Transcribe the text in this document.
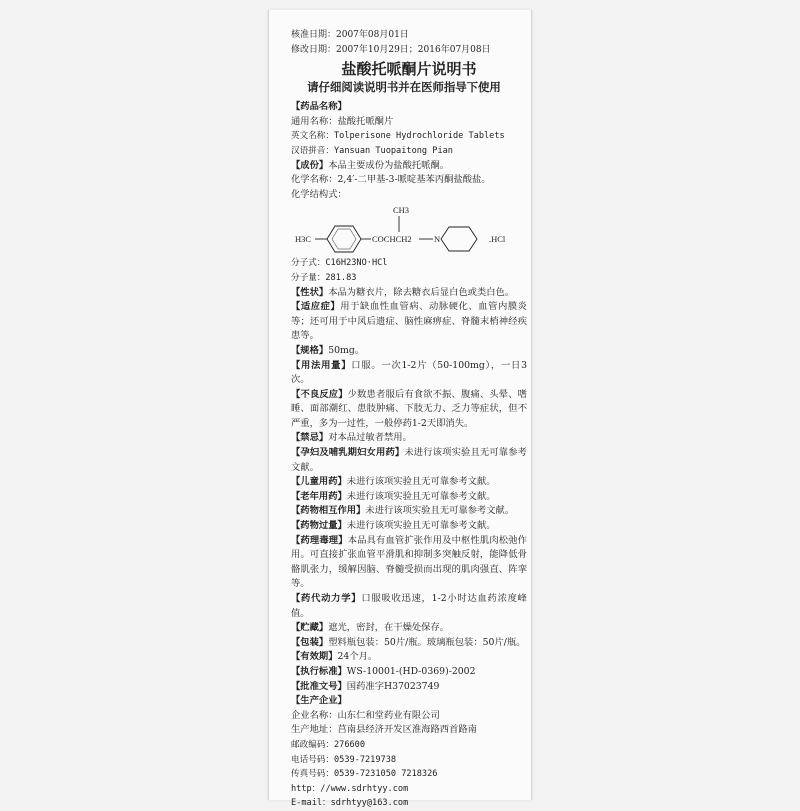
核准日期：2007年08月01日
修改日期：2007年10月29日；2016年07月08日
盐酸托哌酮片说明书
请仔细阅读说明书并在医师指导下使用
【药品名称】
通用名称：盐酸托哌酮片
英文名称：Tolperisone Hydrochloride Tablets
汉语拼音：Yansuan Tuopaitong Pian
【成份】本品主要成份为盐酸托哌酮。
化学名称：2,4′-二甲基-3-哌啶基苯丙酮盐酸盐。
化学结构式：
H3C	COCHCH2
CH3
N	.HCl
分子式：C16H23NO·HCl
分子量：281.83
【性状】本品为糖衣片，除去糖衣后显白色或类白色。
【适应症】用于缺血性血管病、动脉硬化、血管内膜炎等；还可用于中风后遗症、脑性麻痹症、脊髓末梢神经疾患等。
【规格】50mg。
【用法用量】口服。一次1-2片（50-100mg），一日3次。
【不良反应】少数患者服后有食欲不振、腹痛、头晕、嗜睡、面部潮红、患肢肿痛、下肢无力、乏力等症状，但不严重，多为一过性，一般停药1-2天即消失。
【禁忌】对本品过敏者禁用。
【孕妇及哺乳期妇女用药】未进行该项实验且无可靠参考文献。
【儿童用药】未进行该项实验且无可靠参考文献。
【老年用药】未进行该项实验且无可靠参考文献。
【药物相互作用】未进行该项实验且无可靠参考文献。
【药物过量】未进行该项实验且无可靠参考文献。
【药理毒理】本品具有血管扩张作用及中枢性肌肉松弛作用。可直接扩张血管平滑肌和抑制多突触反射，能降低骨骼肌张力，缓解因脑、脊髓受损而出现的肌肉强直、阵挛等。
【药代动力学】口服吸收迅速，1-2小时达血药浓度峰值。
【贮藏】遮光，密封，在干燥处保存。
【包装】塑料瓶包装：50片/瓶。玻璃瓶包装：50片/瓶。
【有效期】24个月。
【执行标准】WS-10001-(HD-0369)-2002
【批准文号】国药准字H37023749
【生产企业】
企业名称：山东仁和堂药业有限公司
生产地址：莒南县经济开发区淮海路西首路南
邮政编码：276600
电话号码：0539-7219738
传真号码：0539-7231050 7218326
http：//www.sdrhtyy.com
E-mail：sdrhtyy@163.com
